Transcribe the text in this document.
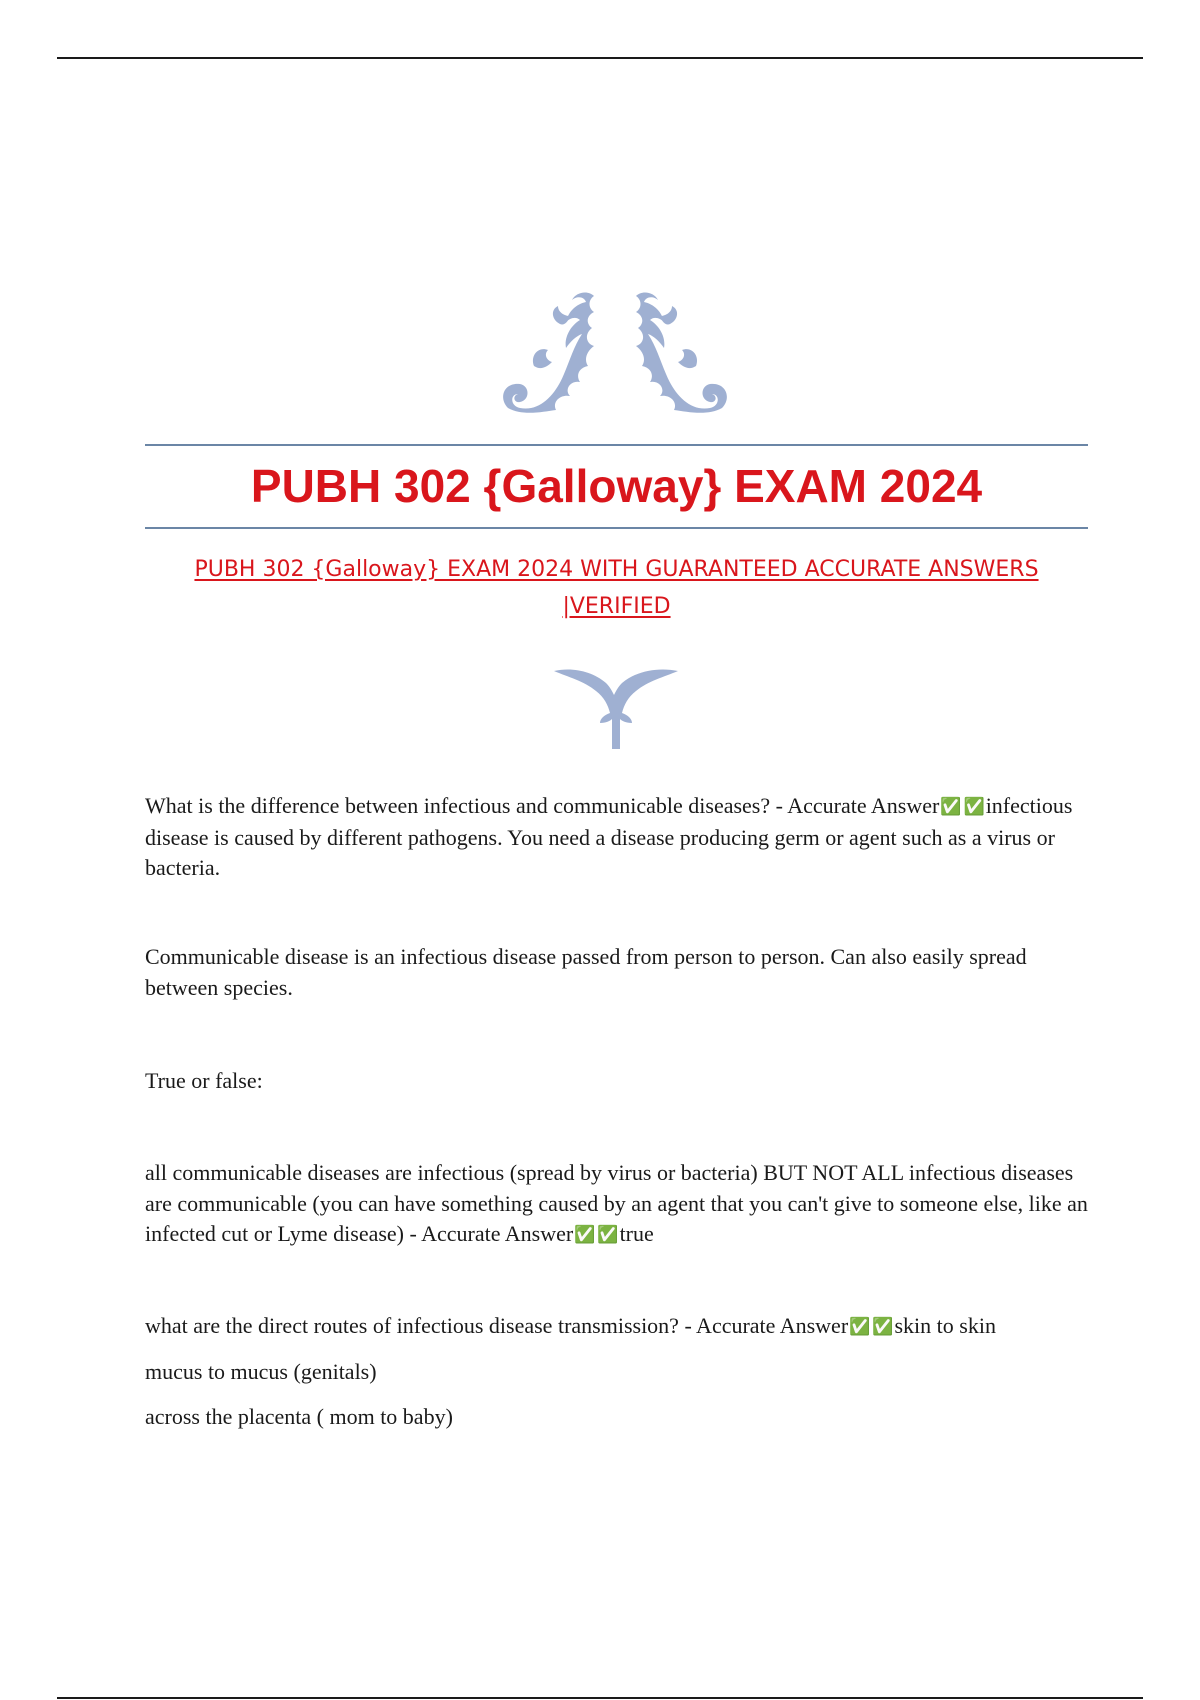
PUBH 302 {Galloway} EXAM 2024
PUBH 302 {Galloway} EXAM 2024 WITH GUARANTEED ACCURATE ANSWERS |VERIFIED

What is the difference between infectious and communicable diseases? - Accurate Answer✅ ✅infectious disease is caused by different pathogens. You need a disease producing germ or agent such as a virus or bacteria.

Communicable disease is an infectious disease passed from person to person. Can also easily spread between species.

True or false:

all communicable diseases are infectious (spread by virus or bacteria) BUT NOT ALL infectious diseases are communicable (you can have something caused by an agent that you can't give to someone else, like an infected cut or Lyme disease) - Accurate Answer✅ ✅true

what are the direct routes of infectious disease transmission? - Accurate Answer✅ ✅skin to skin

mucus to mucus (genitals)

across the placenta ( mom to baby)
